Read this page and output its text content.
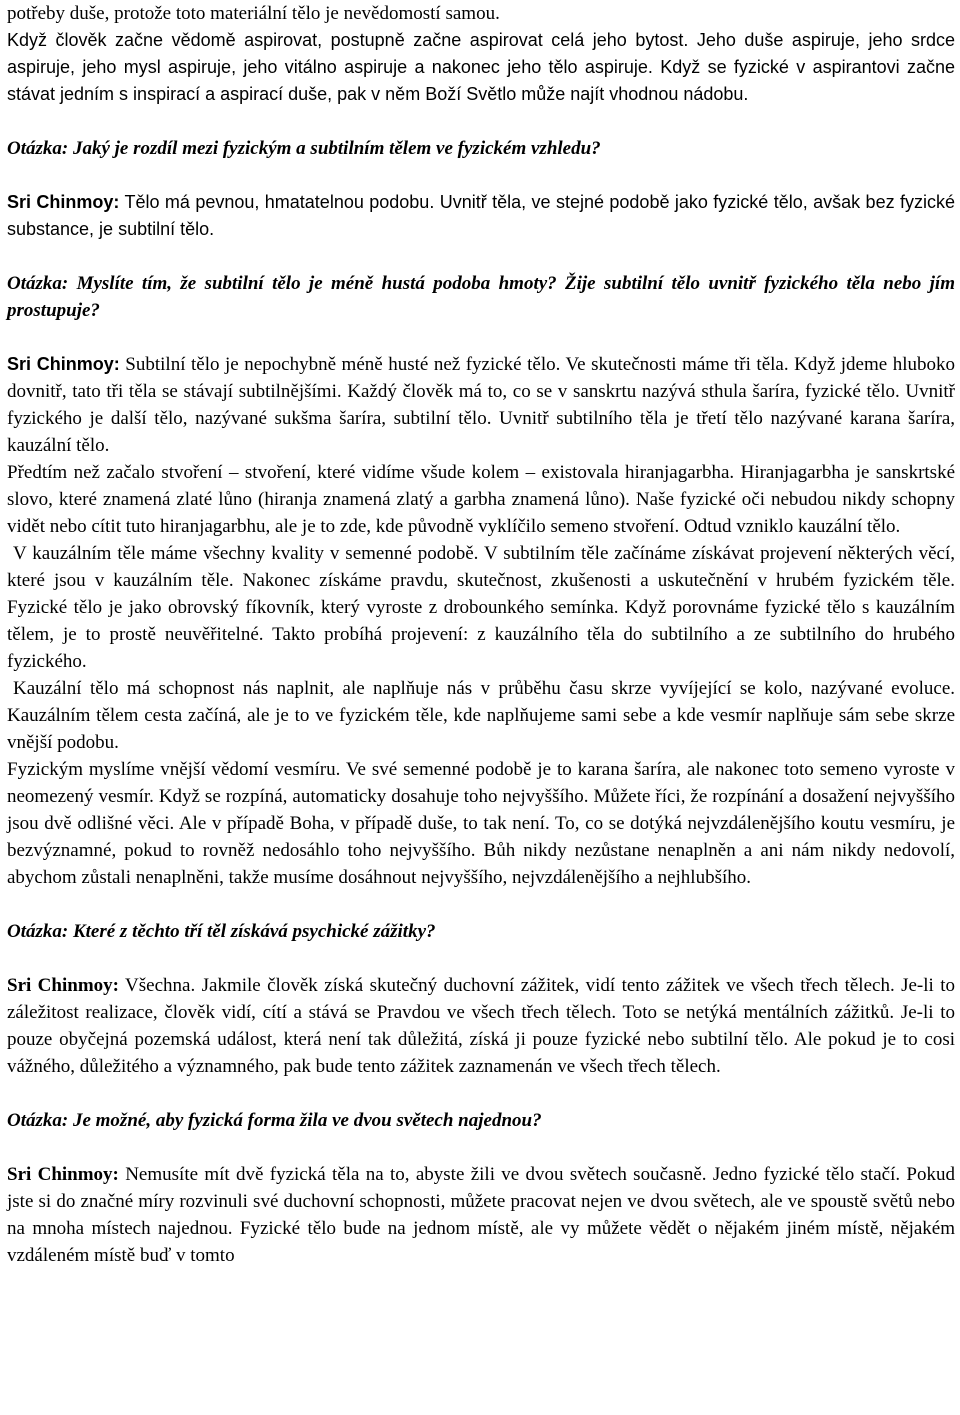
potřeby duše, protože toto materiální tělo je nevědomostí samou.

Když člověk začne vědomě aspirovat, postupně začne aspirovat celá jeho bytost. Jeho duše aspiruje, jeho srdce aspiruje, jeho mysl aspiruje, jeho vitálno aspiruje a nakonec jeho tělo aspiruje. Když se fyzické v aspirantovi začne stávat jedním s inspirací a aspirací duše, pak v něm Boží Světlo může najít vhodnou nádobu.

Otázka: Jaký je rozdíl mezi fyzickým a subtilním tělem ve fyzickém vzhledu?

Sri Chinmoy: Tělo má pevnou, hmatatelnou podobu. Uvnitř těla, ve stejné podobě jako fyzické tělo, avšak bez fyzické substance, je subtilní tělo.

Otázka: Myslíte tím, že subtilní tělo je méně hustá podoba hmoty? Žije subtilní tělo uvnitř fyzického těla nebo jím prostupuje?

Sri Chinmoy: Subtilní tělo je nepochybně méně husté než fyzické tělo. Ve skutečnosti máme tři těla. Když jdeme hluboko dovnitř, tato tři těla se stávají subtilnějšími. Každý člověk má to, co se v sanskrtu nazývá sthula šaríra, fyzické tělo. Uvnitř fyzického je další tělo, nazývané sukšma šaríra, subtilní tělo. Uvnitř subtilního těla je třetí tělo nazývané karana šaríra, kauzální tělo.

Předtím než začalo stvoření – stvoření, které vidíme všude kolem – existovala hiranjagarbha. Hiranjagarbha je sanskrtské slovo, které znamená zlaté lůno (hiranja znamená zlatý a garbha znamená lůno). Naše fyzické oči nebudou nikdy schopny vidět nebo cítit tuto hiranjagarbhu, ale je to zde, kde původně vyklíčilo semeno stvoření. Odtud vzniklo kauzální tělo.

V kauzálním těle máme všechny kvality v semenné podobě. V subtilním těle začínáme získávat projevení některých věcí, které jsou v kauzálním těle. Nakonec získáme pravdu, skutečnost, zkušenosti a uskutečnění v hrubém fyzickém těle. Fyzické tělo je jako obrovský fíkovník, který vyroste z drobounkého semínka. Když porovnáme fyzické tělo s kauzálním tělem, je to prostě neuvěřitelné. Takto probíhá projevení: z kauzálního těla do subtilního a ze subtilního do hrubého fyzického.

Kauzální tělo má schopnost nás naplnit, ale naplňuje nás v průběhu času skrze vyvíjející se kolo, nazývané evoluce. Kauzálním tělem cesta začíná, ale je to ve fyzickém těle, kde naplňujeme sami sebe a kde vesmír naplňuje sám sebe skrze vnější podobu.

Fyzickým myslíme vnější vědomí vesmíru. Ve své semenné podobě je to karana šaríra, ale nakonec toto semeno vyroste v neomezený vesmír. Když se rozpíná, automaticky dosahuje toho nejvyššího. Můžete říci, že rozpínání a dosažení nejvyššího jsou dvě odlišné věci. Ale v případě Boha, v případě duše, to tak není. To, co se dotýká nejvzdálenějšího koutu vesmíru, je bezvýznamné, pokud to rovněž nedosáhlo toho nejvyššího. Bůh nikdy nezůstane nenaplněn a ani nám nikdy nedovolí, abychom zůstali nenaplněni, takže musíme dosáhnout nejvyššího, nejvzdálenějšího a nejhlubšího.

Otázka: Které z těchto tří těl získává psychické zážitky?

Sri Chinmoy: Všechna. Jakmile člověk získá skutečný duchovní zážitek, vidí tento zážitek ve všech třech tělech. Je-li to záležitost realizace, člověk vidí, cítí a stává se Pravdou ve všech třech tělech. Toto se netýká mentálních zážitků. Je-li to pouze obyčejná pozemská událost, která není tak důležitá, získá ji pouze fyzické nebo subtilní tělo. Ale pokud je to cosi vážného, důležitého a významného, pak bude tento zážitek zaznamenán ve všech třech tělech.

Otázka: Je možné, aby fyzická forma žila ve dvou světech najednou?

Sri Chinmoy: Nemusíte mít dvě fyzická těla na to, abyste žili ve dvou světech současně. Jedno fyzické tělo stačí. Pokud jste si do značné míry rozvinuli své duchovní schopnosti, můžete pracovat nejen ve dvou světech, ale ve spoustě světů nebo na mnoha místech najednou. Fyzické tělo bude na jednom místě, ale vy můžete vědět o nějakém jiném místě, nějakém vzdáleném místě buď v tomto
